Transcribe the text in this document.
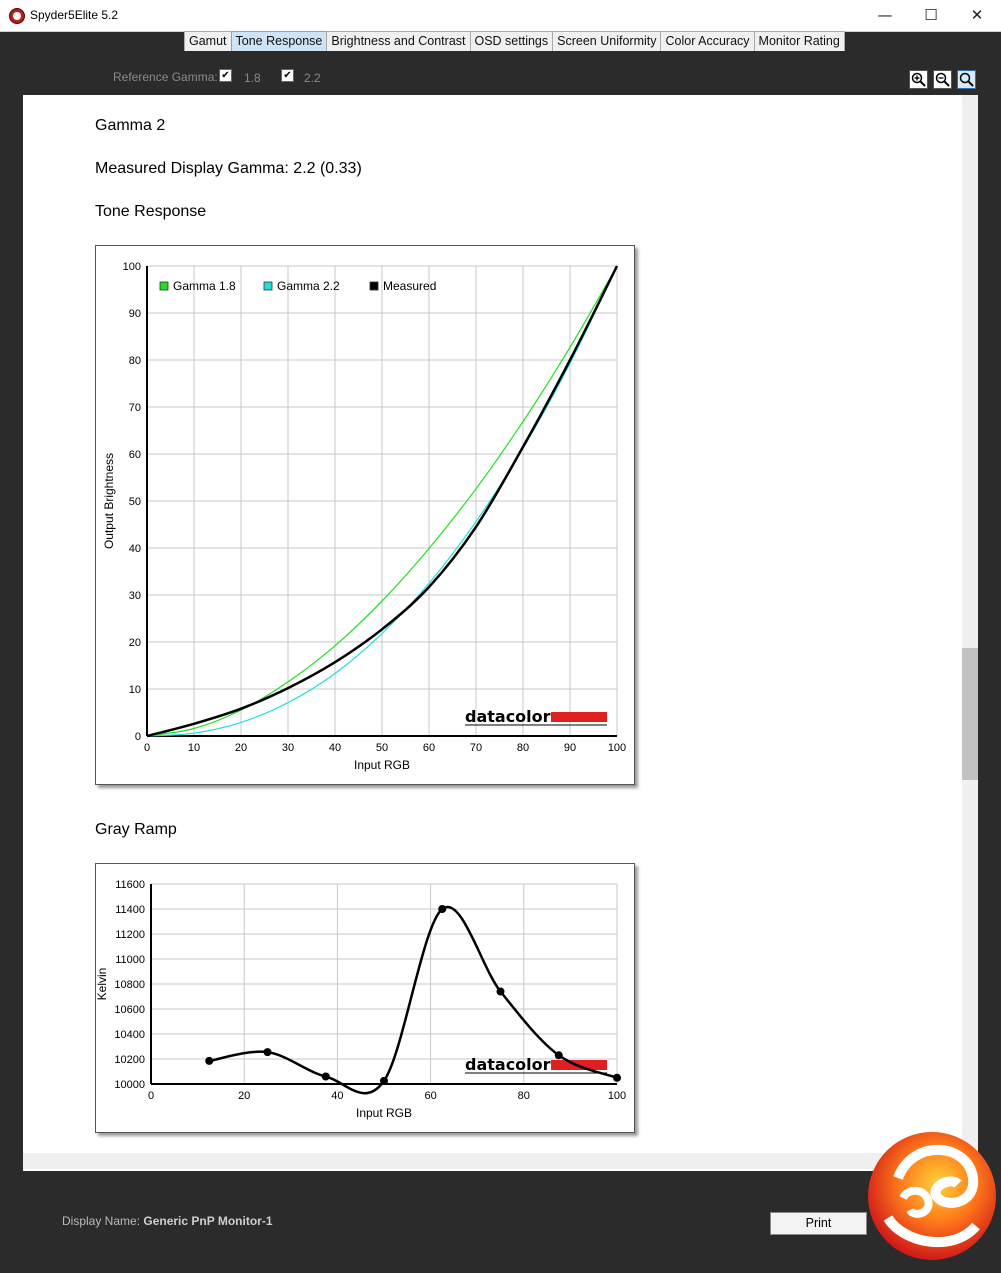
Spyder5Elite 5.2	—	☐	✕
Gamut Tone Response Brightness and Contrast OSD settings Screen Uniformity Color Accuracy Monitor Rating
Reference Gamma: ✔ 1.8 ✔ 2.2
Gamma 2
Measured Display Gamma: 2.2 (0.33)
Tone Response
0	10	20	30	40	50	60	70	80	90	100
0
10
20
30
40
50
60
70
80
90
100
Input RGB
Output Brightness
datacolor
Gamma 1.8	Gamma 2.2	Measured
Gray Ramp
0	20	40	60	80	100
10000
10200
10400
10600
10800
11000
11200
11400
11600
Input RGB
Kelvin
datacolor
Display Name: Generic PnP Monitor-1	Print
